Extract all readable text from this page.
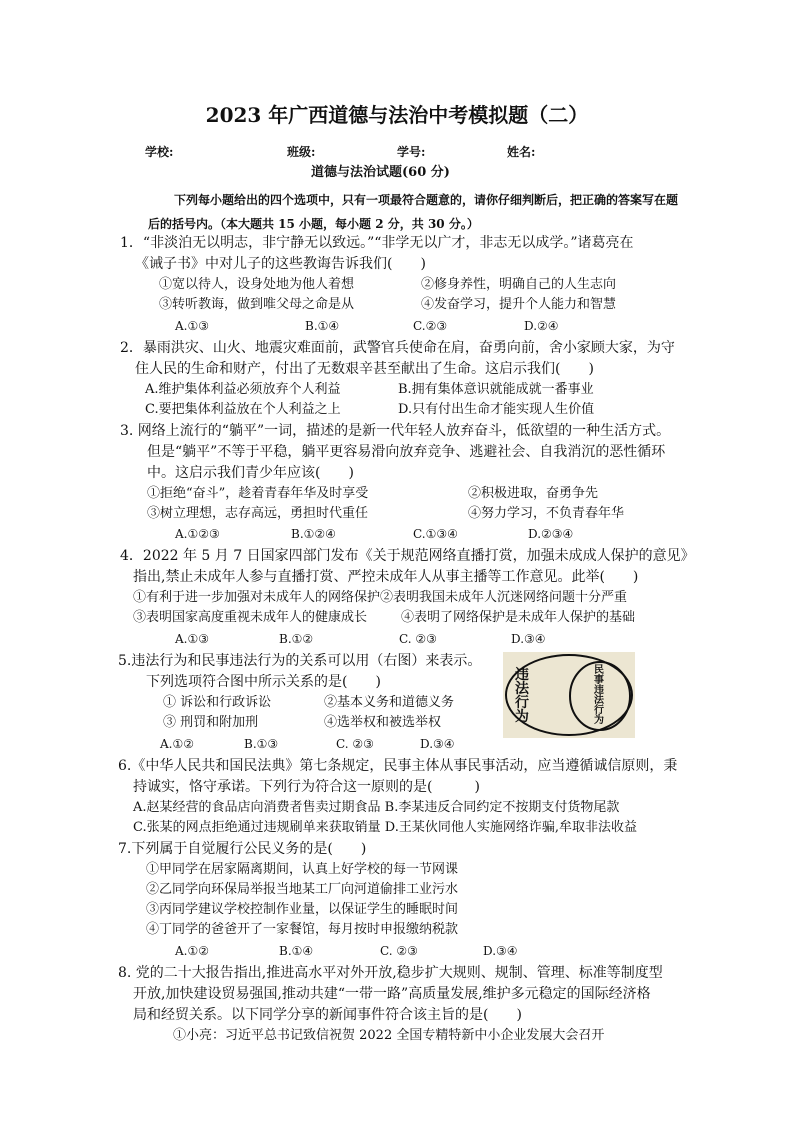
2023 年广西道德与法治中考模拟题（二）
学校:	班级:	学号:	姓名:
道德与法治试题(60 分)
下列每小题给出的四个选项中，只有一项最符合题意的，请你仔细判断后，把正确的答案写在题
后的括号内。（本大题共 15 小题，每小题 2 分，共 30 分。）
1．“非淡泊无以明志，非宁静无以致远。”“非学无以广才，非志无以成学。”诸葛亮在
《诫子书》中对儿子的这些教诲告诉我们(　　)
①宽以待人，设身处地为他人着想	②修身养性，明确自己的人生志向
③转听教诲，做到唯父母之命是从	④发奋学习，提升个人能力和智慧
A.①③	B.①④	C.②③	D.②④
2．暴雨洪灾、山火、地震灾难面前，武警官兵使命在肩，奋勇向前，舍小家顾大家，为守
住人民的生命和财产，付出了无数艰辛甚至献出了生命。这启示我们(　　)
A.维护集体利益必须放弃个人利益	B.拥有集体意识就能成就一番事业
C.要把集体利益放在个人利益之上	D.只有付出生命才能实现人生价值
3. 网络上流行的“躺平”一词，描述的是新一代年轻人放弃奋斗，低欲望的一种生活方式。
但是“躺平”不等于平稳，躺平更容易滑向放弃竞争、逃避社会、自我消沉的恶性循环
中。这启示我们青少年应该(　　)
①拒绝“奋斗”，趁着青春年华及时享受	②积极进取，奋勇争先
③树立理想，志存高远，勇担时代重任	④努力学习，不负青春年华
A.①②③	B.①②④	C.①③④	D.②③④
4．2022 年 5 月 7 日国家四部门发布《关于规范网络直播打赏，加强未成成人保护的意见》
指出,禁止未成年人参与直播打赏、严控未成年人从事主播等工作意见。此举(　　)
①有利于进一步加强对未成年人的网络保护②表明我国未成年人沉迷网络问题十分严重
③表明国家高度重视未成年人的健康成长	④表明了网络保护是未成年人保护的基础
A.①③	B.①②	C. ②③	D.③④
5.违法行为和民事违法行为的关系可以用（右图）来表示。
下列选项符合图中所示关系的是(　　)
① 诉讼和行政诉讼	②基本义务和道德义务
③ 刑罚和附加刑	④选举权和被选举权
A.①②	B.①③	C. ②③	D.③④
违
法
行
为
民
事
违
法
行
为
6.《中华人民共和国民法典》第七条规定，民事主体从事民事活动，应当遵循诚信原则，秉
持诚实，恪守承诺。下列行为符合这一原则的是(　　　)
A.赵某经营的食品店向消费者售卖过期食品 B.李某违反合同约定不按期支付货物尾款
C.张某的网点拒绝通过违规刷单来获取销量 D.王某伙同他人实施网络诈骗,牟取非法收益
7.下列属于自觉履行公民义务的是(　　)
①甲同学在居家隔离期间，认真上好学校的每一节网课
②乙同学向环保局举报当地某工厂向河道偷排工业污水
③丙同学建议学校控制作业量，以保证学生的睡眠时间
④丁同学的爸爸开了一家餐馆，每月按时申报缴纳税款
A.①②	B.①④	C. ②③	D.③④
8. 党的二十大报告指出,推进高水平对外开放,稳步扩大规则、规制、管理、标准等制度型
开放,加快建设贸易强国,推动共建“一带一路”高质量发展,维护多元稳定的国际经济格
局和经贸关系。以下同学分享的新闻事件符合该主旨的是(　　)
①小亮：习近平总书记致信祝贺 2022 全国专精特新中小企业发展大会召开
